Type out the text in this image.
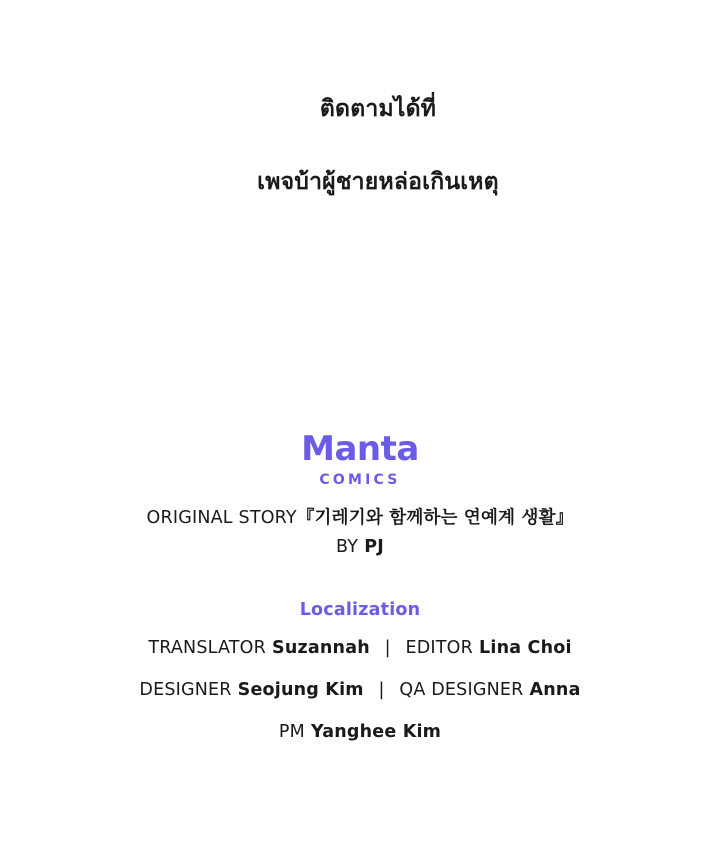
ติดตามได้ที่
เพจบ้าผู้ชายหล่อเกินเหตุ
Manta
COMICS
ORIGINAL STORY『기레기와 함께하는 연예계 생활』
BY PJ
Localization
TRANSLATOR Suzannah | EDITOR Lina Choi
DESIGNER Seojung Kim | QA DESIGNER Anna
PM Yanghee Kim
